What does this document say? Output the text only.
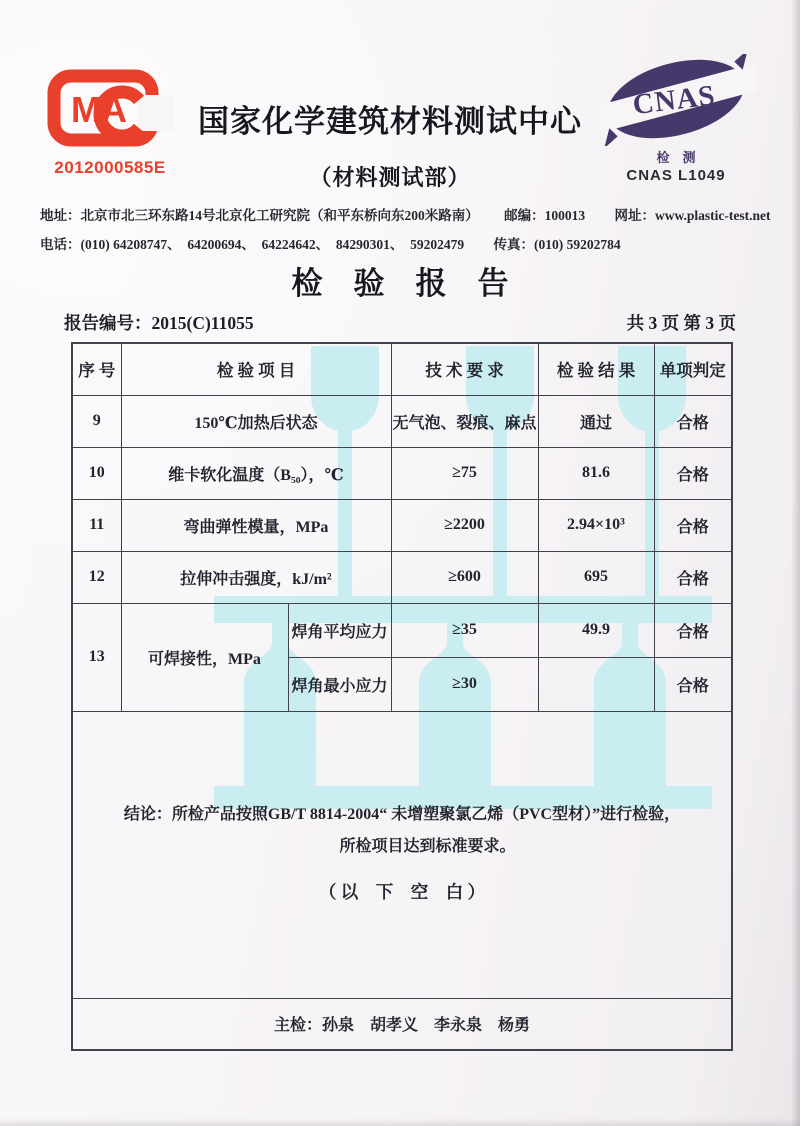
MA
2012000585E
国家化学建筑材料测试中心
（材料测试部）
CNAS
检　测
CNAS L1049
地址：北京市北三环东路14号北京化工研究院（和平东桥向东200米路南） 邮编：100013 网址：www.plastic-test.net
电话：(010) 64208747、　64200694、　64224642、　84290301、　59202479 传真：(010) 59202784
检　验　报　告
报告编号：2015(C)11055	共 3 页 第 3 页
序 号	检 验 项 目		技 术 要 求	检 验 结 果	单项判定
9	150℃加热后状态		无气泡、裂痕、麻点	通过	合格
10	维卡软化温度（B₅₀），℃		≥75	81.6	合格
11	弯曲弹性模量，MPa		≥2200	2.94×10³	合格
12	拉伸冲击强度，kJ/m²		≥600	695	合格
13	可焊接性，MPa	焊角平均应力	≥35	49.9	合格
		焊角最小应力	≥30		合格

结论：所检产品按照GB/T 8814-2004“ 未增塑聚氯乙烯（PVC型材）”进行检验，
所检项目达到标准要求。
（ 以　下　空　白 ）					

主检：孙泉　胡孝义　李永泉　杨勇					
